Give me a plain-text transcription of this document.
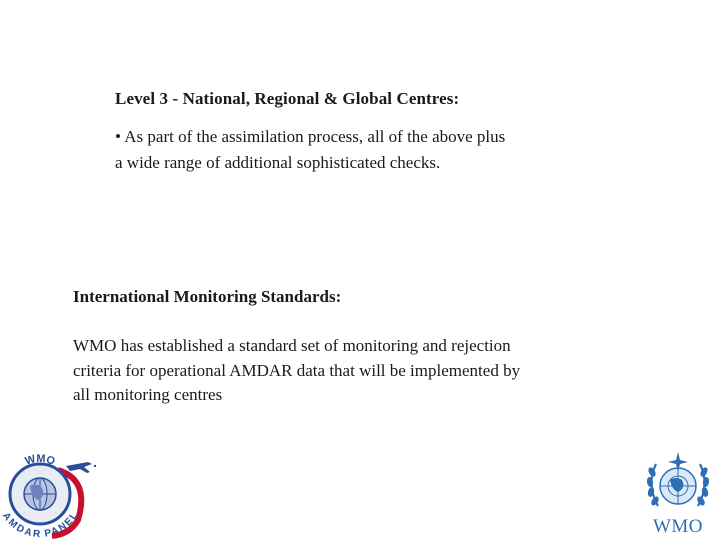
Level 3 - National, Regional & Global Centres:
• As part of the assimilation process, all of the above plus
a wide range of additional sophisticated checks.
International Monitoring Standards:
WMO has established a standard set of monitoring and rejection
criteria for operational AMDAR data that will be implemented by
all monitoring centres
WMO
AMDAR PANEL	WMO
